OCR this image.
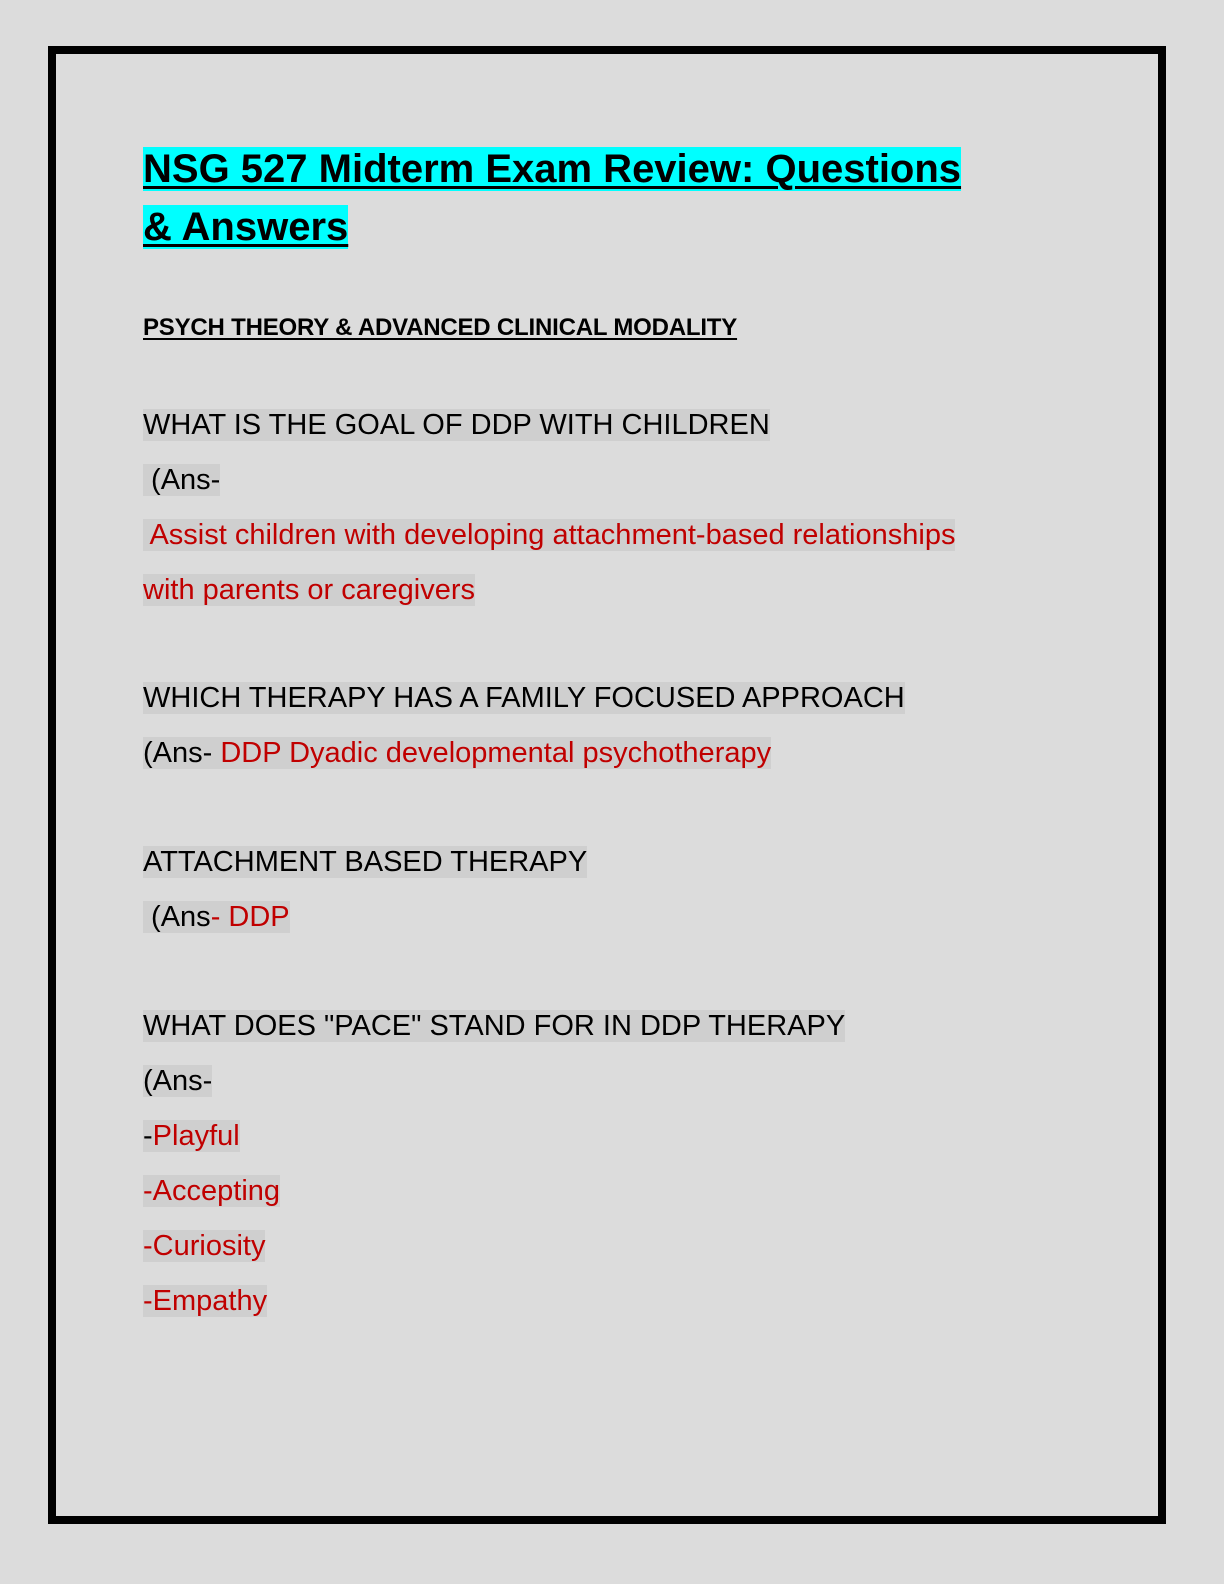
NSG 527 Midterm Exam Review: Questions
& Answers
PSYCH THEORY & ADVANCED CLINICAL MODALITY
WHAT IS THE GOAL OF DDP WITH CHILDREN
(Ans-
Assist children with developing attachment-based relationships
with parents or caregivers
WHICH THERAPY HAS A FAMILY FOCUSED APPROACH
(Ans- DDP Dyadic developmental psychotherapy
ATTACHMENT BASED THERAPY
(Ans- DDP
WHAT DOES "PACE" STAND FOR IN DDP THERAPY
(Ans-
-Playful
-Accepting
-Curiosity
-Empathy
